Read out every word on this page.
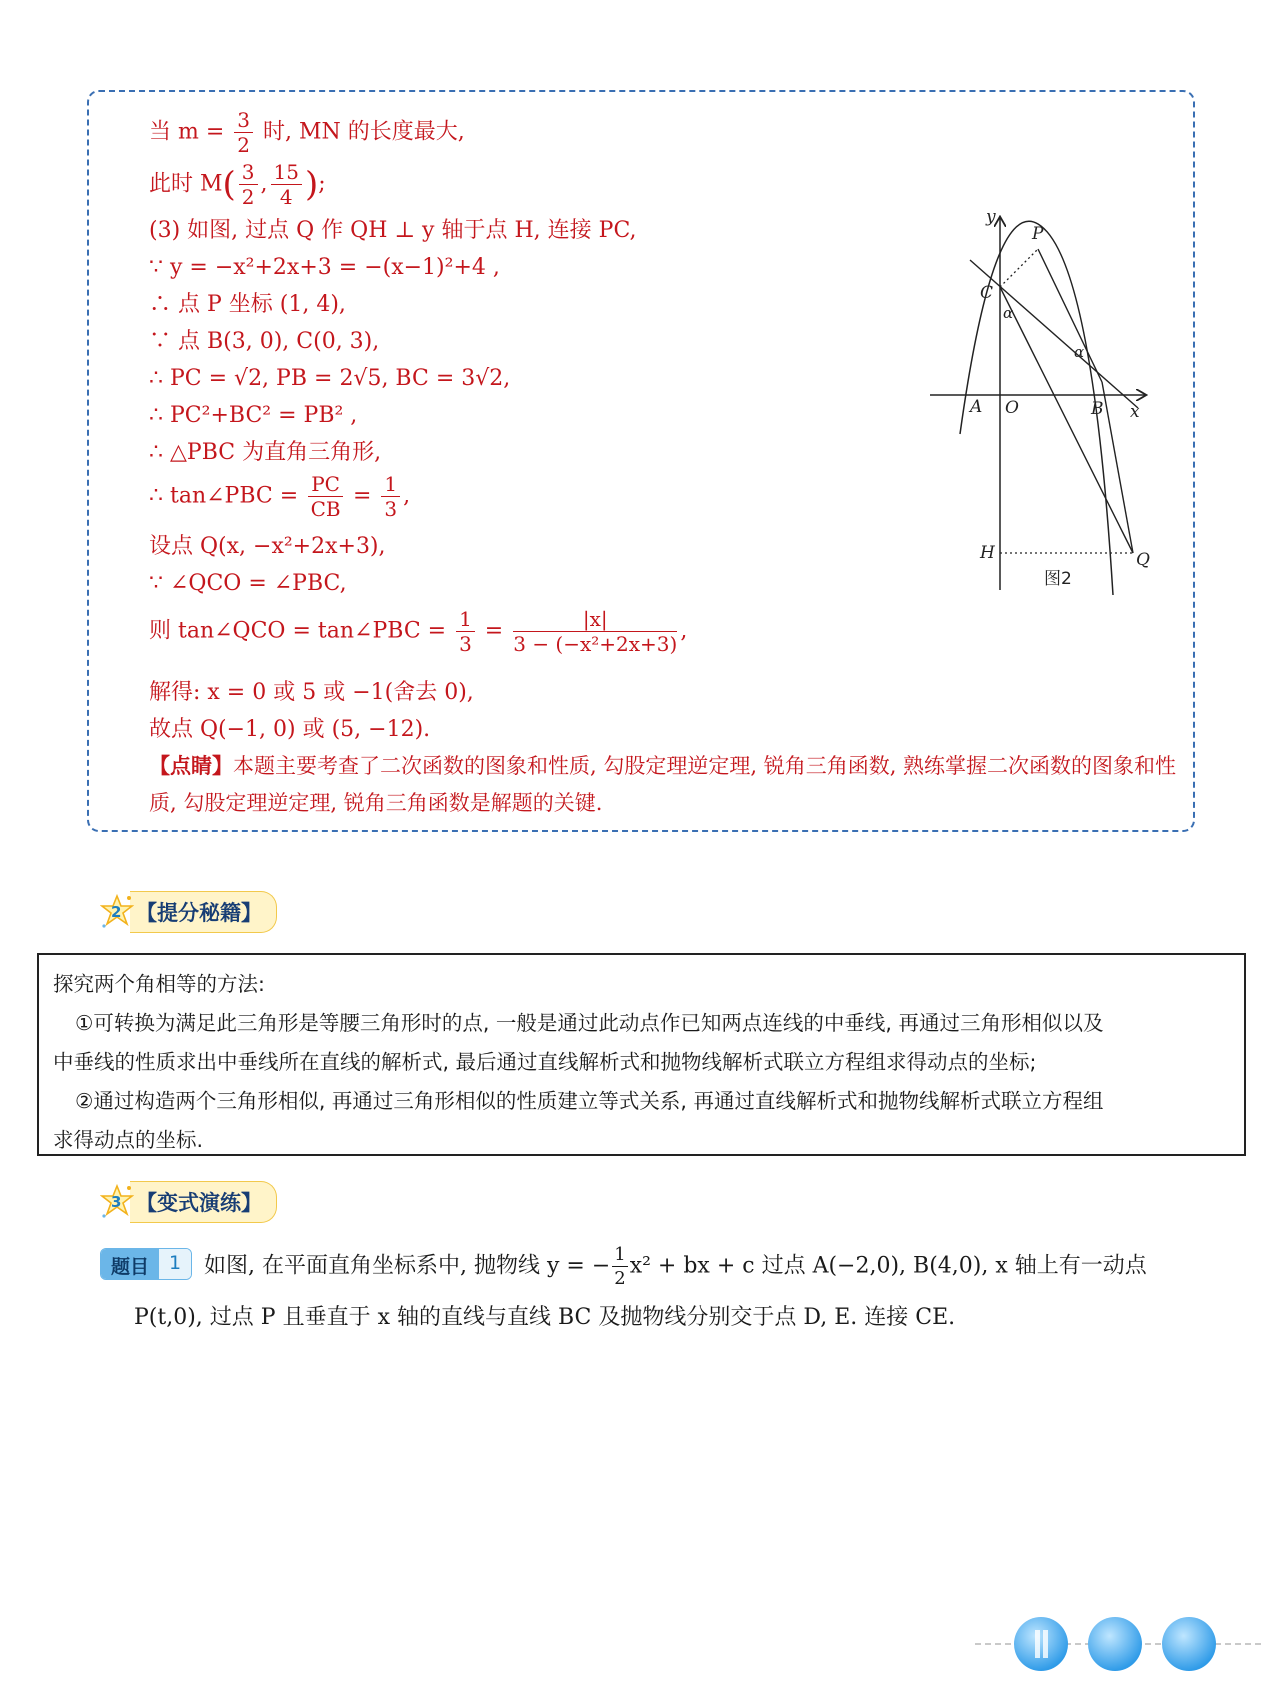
当 $m = \frac{3}{2}$ 时, MN 的长度最大,
此时 $M( \frac{3}{2}$ , $\frac{15}{4}$ );
(3) 如图, 过点 Q 作 QH ⊥ y 轴于点 H, 连接 PC,
∵ y = −x²+2x+3 = −(x−1)²+4 ,
∴ 点 P 坐标 (1, 4),
∵ 点 B(3, 0), C(0, 3),
∴ PC = √2, PB = 2√5, BC = 3√2,
∴ PC²+BC² = PB² ,
∴ △PBC 为直角三角形,
∴ tan∠PBC = $\frac{PC}{CB} = \frac{1}{3}$ ,
设点 Q(x, −x²+2x+3),
∵ ∠QCO = ∠PBC,
则 tan∠QCO = tan∠PBC = $\frac{1}{3} = \frac{|x|}{\text{3 − (−x²+2x+3)}}$ ,
解得: x = 0 或 5 或 −1(舍去 0),
故点 Q(−1, 0) 或 (5, −12).
【点睛】本题主要考查了二次函数的图象和性质, 勾股定理逆定理, 锐角三角函数, 熟练掌握二次函数的图象和性质, 勾股定理逆定理, 锐角三角函数是解题的关键.
y
x
P
C
A O	B
H	Q
α
α
图2
2 【提分秘籍】
探究两个角相等的方法:
①可转换为满足此三角形是等腰三角形时的点, 一般是通过此动点作已知两点连线的中垂线, 再通过三角形相似以及
中垂线的性质求出中垂线所在直线的解析式, 最后通过直线解析式和抛物线解析式联立方程组求得动点的坐标;
②通过构造两个三角形相似, 再通过三角形相似的性质建立等式关系, 再通过直线解析式和抛物线解析式联立方程组
求得动点的坐标.
3 【变式演练】
题目	1	如图, 在平面直角坐标系中, 抛物线 y = − $\frac{1}{2} x^2$ + bx + c 过点 A(−2,0), B(4,0), x 轴上有一动点
P(t,0), 过点 P 且垂直于 x 轴的直线与直线 BC 及抛物线分别交于点 D, E. 连接 CE.
